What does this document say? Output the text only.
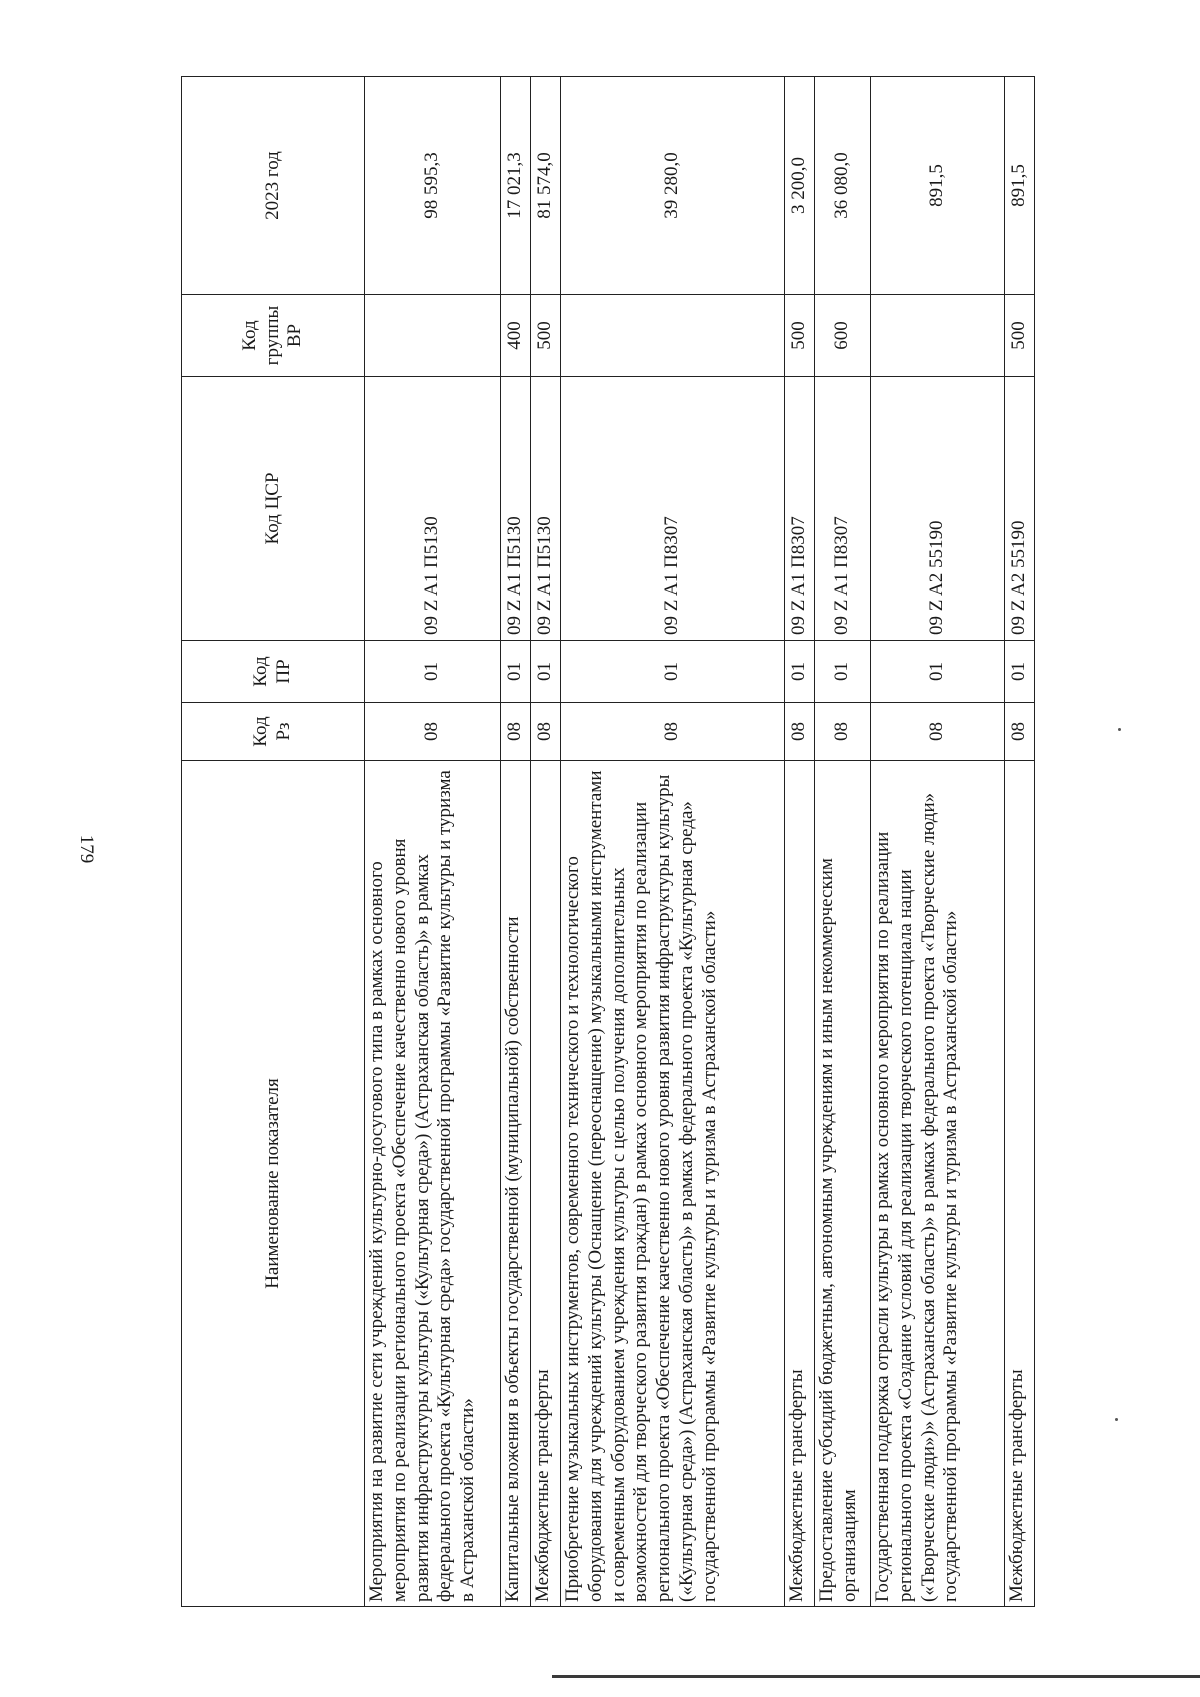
179
Наименование показателя	Код Рз	Код ПР	Код ЦСР	Код группы ВР	2023 год
Мероприятия на развитие сети учреждений культурно-досугового типа в рамках основного мероприятия по реализации регионального проекта «Обеспечение качественно нового уровня развития инфраструктуры культуры («Культурная среда») (Астраханская область)» в рамках федерального проекта «Культурная среда» государственной программы «Развитие культуры и туризма в Астраханской области»	08	01	09 Z A1 П5130		98 595,3
Капитальные вложения в объекты государственной (муниципальной) собственности	08	01	09 Z A1 П5130	400	17 021,3
Межбюджетные трансферты	08	01	09 Z A1 П5130	500	81 574,0
Приобретение музыкальных инструментов, современного технического и технологического оборудования для учреждений культуры (Оснащение (переоснащение) музыкальными инструментами и современным оборудованием учреждения культуры с целью получения дополнительных возможностей для творческого развития граждан) в рамках основного мероприятия по реализации регионального проекта «Обеспечение качественно нового уровня развития инфраструктуры культуры («Культурная среда») (Астраханская область)» в рамках федерального проекта «Культурная среда» государственной программы «Развитие культуры и туризма в Астраханской области»	08	01	09 Z A1 П8307		39 280,0
Межбюджетные трансферты	08	01	09 Z A1 П8307	500	3 200,0
Предоставление субсидий бюджетным, автономным учреждениям и иным некоммерческим организациям	08	01	09 Z A1 П8307	600	36 080,0
Государственная поддержка отрасли культуры в рамках основного мероприятия по реализации регионального проекта «Создание условий для реализации творческого потенциала нации («Творческие люди»)» (Астраханская область)» в рамках федерального проекта «Творческие люди» государственной программы «Развитие культуры и туризма в Астраханской области»	08	01	09 Z A2 55190		891,5
Межбюджетные трансферты	08	01	09 Z A2 55190	500	891,5
